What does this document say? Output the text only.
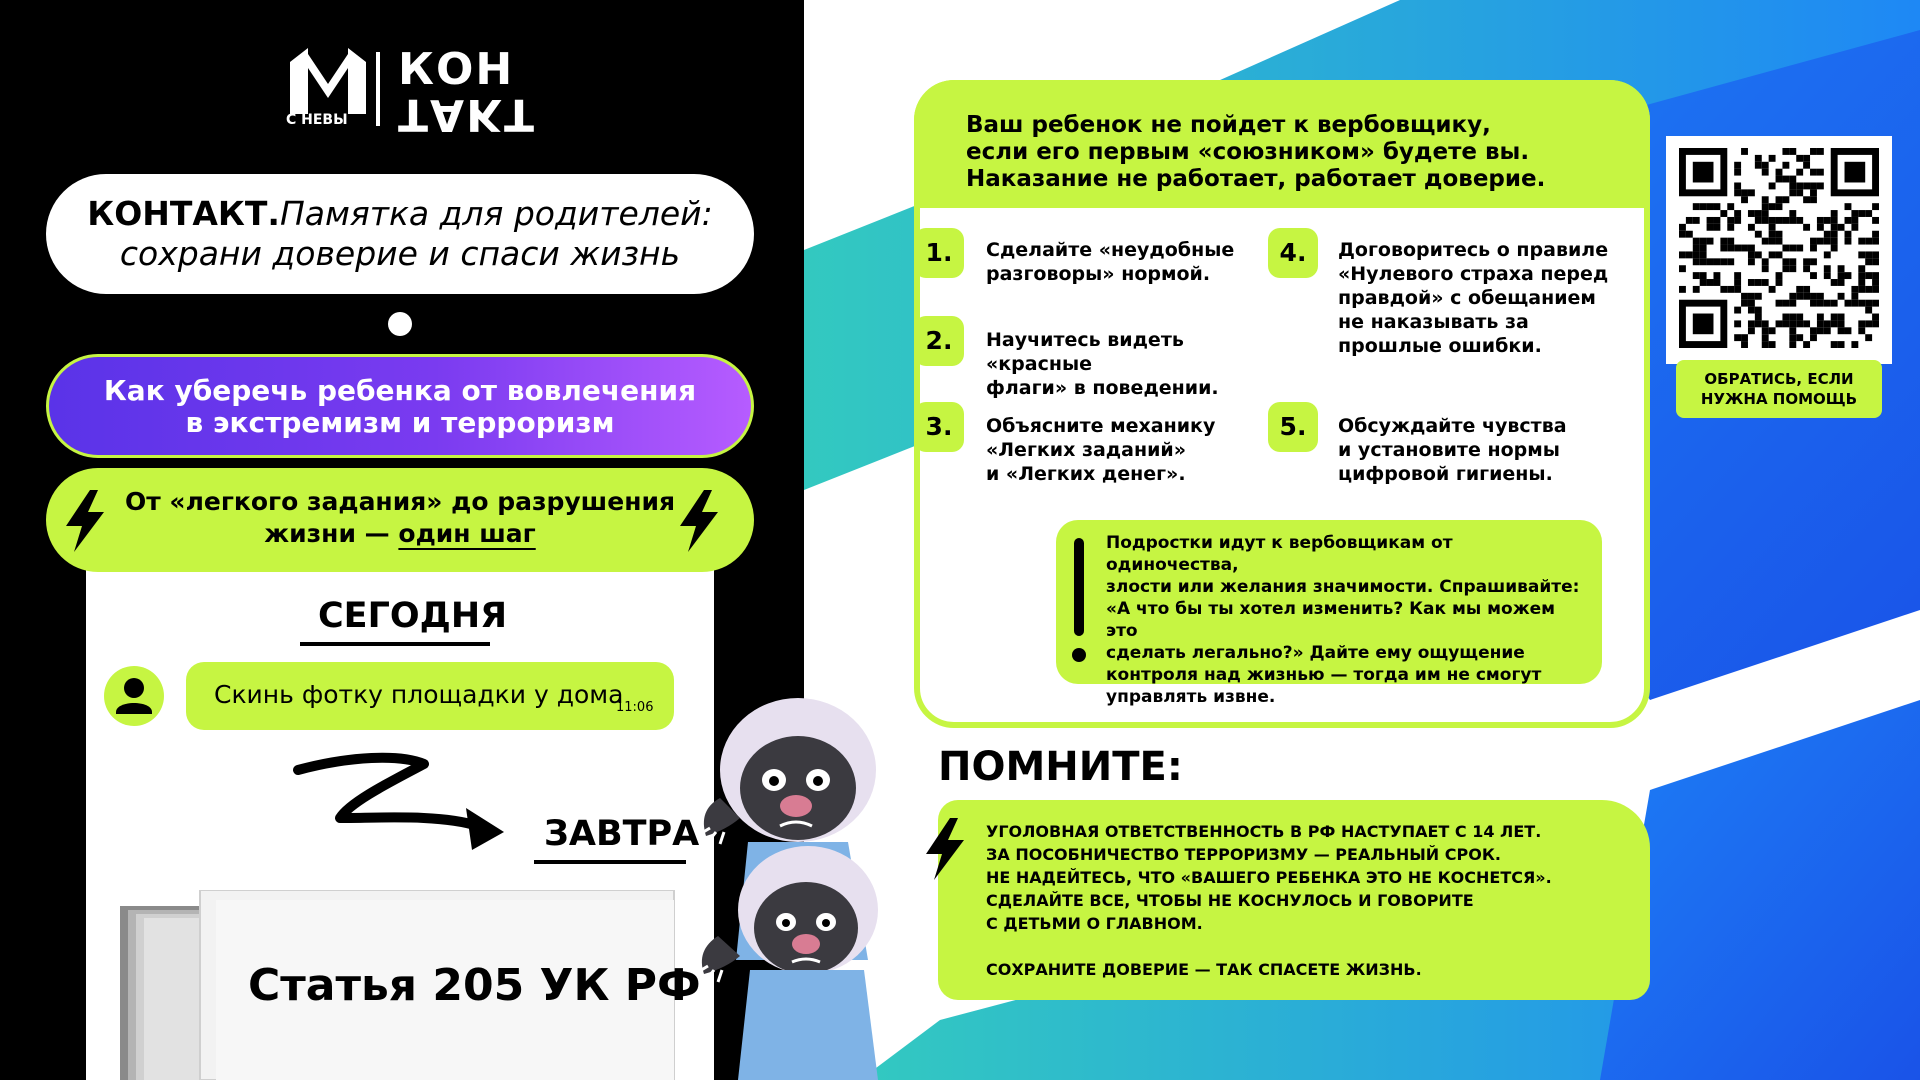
С НЕВЫ
КОН
ТАКТ
КОНТАКТ.Памятка для родителей:
сохрани доверие и спаси жизнь
Как уберечь ребенка от вовлечения
в экстремизм и терроризм
От «легкого задания» до разрушения
жизни — один шаг
СЕГОДНЯ
Скинь фотку площадки у дома
11:06
ЗАВТРА
Статья 205 УК РФ
Ваш ребенок не пойдет к вербовщику,
если его первым «союзником» будете вы.
Наказание не работает, работает доверие.
1.	Сделайте «неудобные
разговоры» нормой.
2.	Научитесь видеть «красные
флаги» в поведении.
3.	Объясните механику
«Легких заданий»
и «Легких денег».
4.	Договоритесь о правиле
«Нулевого страха перед
правдой» с обещанием
не наказывать за
прошлые ошибки.
5.	Обсуждайте чувства
и установите нормы
цифровой гигиены.
Подростки идут к вербовщикам от одиночества,
злости или желания значимости. Спрашивайте:
«А что бы ты хотел изменить? Как мы можем это
сделать легально?» Дайте ему ощущение
контроля над жизнью — тогда им не смогут
управлять извне.
ОБРАТИСЬ, ЕСЛИ
НУЖНА ПОМОЩЬ
ПОМНИТЕ:
УГОЛОВНАЯ ОТВЕТСТВЕННОСТЬ В РФ НАСТУПАЕТ С 14 ЛЕТ.
ЗА ПОСОБНИЧЕСТВО ТЕРРОРИЗМУ — РЕАЛЬНЫЙ СРОК.
НЕ НАДЕЙТЕСЬ, ЧТО «ВАШЕГО РЕБЕНКА ЭТО НЕ КОСНЕТСЯ».
СДЕЛАЙТЕ ВСЕ, ЧТОБЫ НЕ КОСНУЛОСЬ И ГОВОРИТЕ
С ДЕТЬМИ О ГЛАВНОМ.
СОХРАНИТЕ ДОВЕРИЕ — ТАК СПАСЕТЕ ЖИЗНЬ.
